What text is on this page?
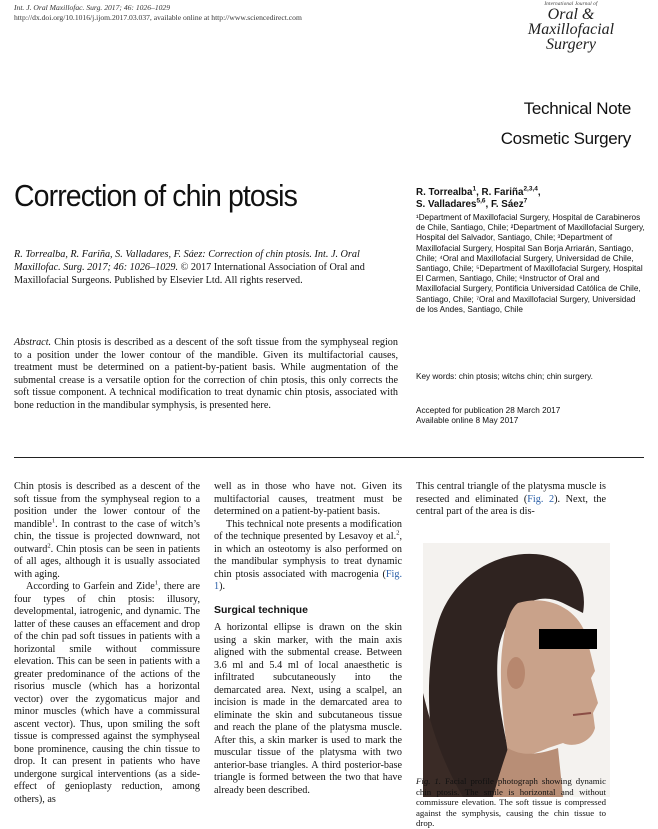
Int. J. Oral Maxillofac. Surg. 2017; 46: 1026–1029
http://dx.doi.org/10.1016/j.ijom.2017.03.037, available online at http://www.sciencedirect.com
International Journal of
Oral &
Maxillofacial
Surgery
Technical Note
Cosmetic Surgery
Correction of chin ptosis
R. Torrealba, R. Fariña, S. Valladares, F. Sáez: Correction of chin ptosis. Int. J. Oral Maxillofac. Surg. 2017; 46: 1026–1029. © 2017 International Association of Oral and Maxillofacial Surgeons. Published by Elsevier Ltd. All rights reserved.
Abstract. Chin ptosis is described as a descent of the soft tissue from the symphyseal region to a position under the lower contour of the mandible. Given its multifactorial causes, treatment must be determined on a patient-by-patient basis. While augmentation of the submental crease is a versatile option for the correction of chin ptosis, this only corrects the soft tissue component. A technical modification to treat dynamic chin ptosis, associated with bone reduction in the mandibular symphysis, is presented here.
R. Torrealba$^1$, R. Fariña$^{2,3,4}$,
S. Valladares$^{5,6}$, F. Sáez$^7$
¹Department of Maxillofacial Surgery, Hospital de Carabineros de Chile, Santiago, Chile; ²Department of Maxillofacial Surgery, Hospital del Salvador, Santiago, Chile; ³Department of Maxillofacial Surgery, Hospital San Borja Arriarán, Santiago, Chile; ⁴Oral and Maxillofacial Surgery, Universidad de Chile, Santiago, Chile; ⁵Department of Maxillofacial Surgery, Hospital El Carmen, Santiago, Chile; ⁶Instructor of Oral and Maxillofacial Surgery, Pontificia Universidad Católica de Chile, Santiago, Chile; ⁷Oral and Maxillofacial Surgery, Universidad de los Andes, Santiago, Chile
Key words: chin ptosis; witchs chin; chin surgery.
Accepted for publication 28 March 2017
Available online 8 May 2017

Chin ptosis is described as a descent of the soft tissue from the symphyseal region to a position under the lower contour of the mandible$^1$. In contrast to the case of witch’s chin, the tissue is projected downward, not outward$^2$. Chin ptosis can be seen in patients of all ages, although it is usually associated with aging.

According to Garfein and Zide$^1$, there are four types of chin ptosis: illusory, developmental, iatrogenic, and dynamic. The latter of these causes an effacement and drop of the chin pad soft tissues in patients with a horizontal smile without commissure elevation. This can be seen in patients with a greater predominance of the actions of the risorius muscle (which has a horizontal vector) over the zygomaticus major and minor muscles (which have a commissural ascent vector). Thus, upon smiling the soft tissue is compressed against the symphyseal bone prominence, causing the chin tissue to drop. It can present in patients who have undergone surgical interventions (as a side-effect of genioplasty reduction, among others), as

well as in those who have not. Given its multifactorial causes, treatment must be determined on a patient-by-patient basis.

This technical note presents a modification of the technique presented by Lesavoy et al.$^2$, in which an osteotomy is also performed on the mandibular symphysis to treat dynamic chin ptosis associated with macrogenia (Fig. 1).

Surgical technique

A horizontal ellipse is drawn on the skin using a skin marker, with the main axis aligned with the submental crease. Between 3.6 ml and 5.4 ml of local anaesthetic is infiltrated subcutaneously into the demarcated area. Next, using a scalpel, an incision is made in the demarcated area to eliminate the skin and subcutaneous tissue and reach the plane of the platysma muscle. After this, a skin marker is used to mark the muscular tissue of the platysma with two anterior-base triangles. A third posterior-base triangle is formed between the two that have already been described.

This central triangle of the platysma muscle is resected and eliminated (Fig. 2). Next, the central part of the area is dis-

Fig. 1. Facial profile photograph showing dynamic chin ptosis. The smile is horizontal and without commissure elevation. The soft tissue is compressed against the symphysis, causing the chin tissue to drop.
